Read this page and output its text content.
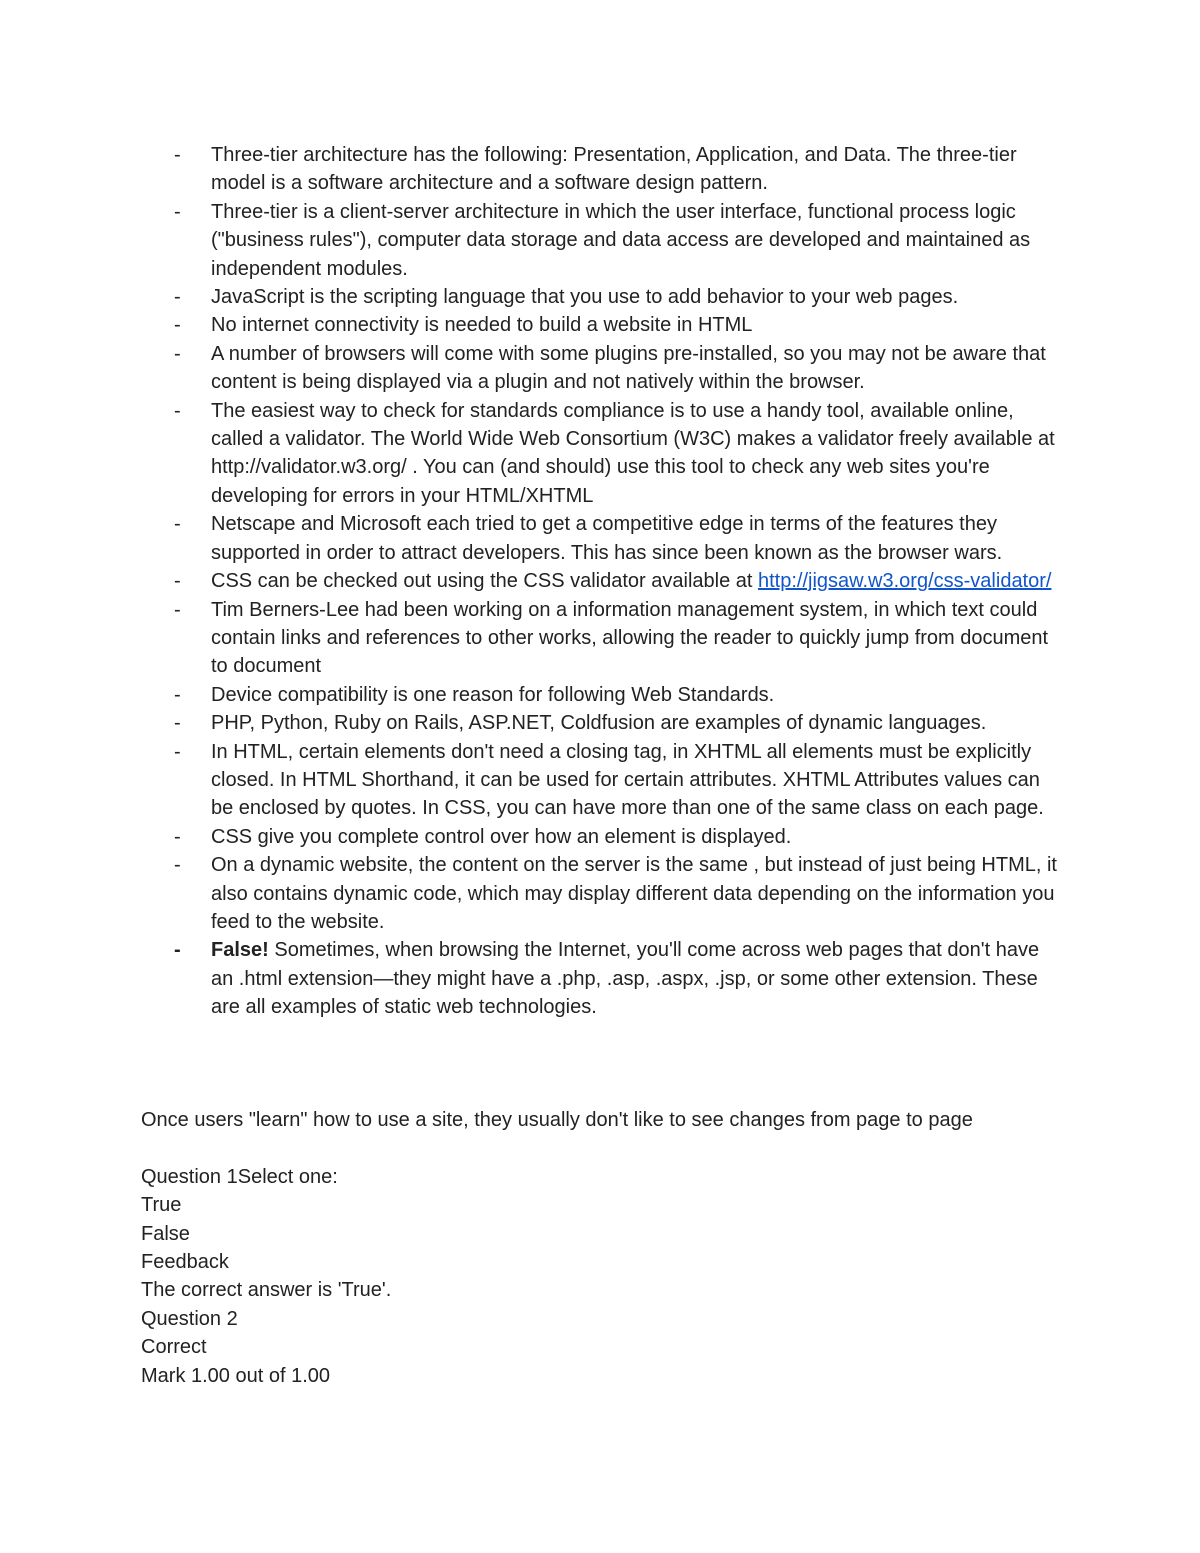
-	Three-tier architecture has the following: Presentation, Application, and Data. The three-tier model is a software architecture and a software design pattern.
-	Three-tier is a client-server architecture in which the user interface, functional process logic ("business rules"), computer data storage and data access are developed and maintained as independent modules.
-	JavaScript is the scripting language that you use to add behavior to your web pages.
-	No internet connectivity is needed to build a website in HTML
-	A number of browsers will come with some plugins pre-installed, so you may not be aware that content is being displayed via a plugin and not natively within the browser.
-	The easiest way to check for standards compliance is to use a handy tool, available online, called a validator. The World Wide Web Consortium (W3C) makes a validator freely available at http://validator.w3.org/ . You can (and should) use this tool to check any web sites you're developing for errors in your HTML/XHTML
-	Netscape and Microsoft each tried to get a competitive edge in terms of the features they supported in order to attract developers. This has since been known as the browser wars.
-	CSS can be checked out using the CSS validator available at http://jigsaw.w3.org/css-validator/
-	Tim Berners-Lee had been working on a information management system, in which text could contain links and references to other works, allowing the reader to quickly jump from document to document
-	Device compatibility is one reason for following Web Standards.
-	PHP, Python, Ruby on Rails, ASP.NET, Coldfusion are examples of dynamic languages.
-	In HTML, certain elements don't need a closing tag, in XHTML all elements must be explicitly closed. In HTML Shorthand, it can be used for certain attributes. XHTML Attributes values can be enclosed by quotes. In CSS, you can have more than one of the same class on each page.
-	CSS give you complete control over how an element is displayed.
-	On a dynamic website, the content on the server is the same , but instead of just being HTML, it also contains dynamic code, which may display different data depending on the information you feed to the website.
-	False! Sometimes, when browsing the Internet, you'll come across web pages that don't have an .html extension—they might have a .php, .asp, .aspx, .jsp, or some other extension. These are all examples of static web technologies.
Once users "learn" how to use a site, they usually don't like to see changes from page to page
Question 1Select one:
True
False
Feedback
The correct answer is 'True'.
Question 2
Correct
Mark 1.00 out of 1.00
